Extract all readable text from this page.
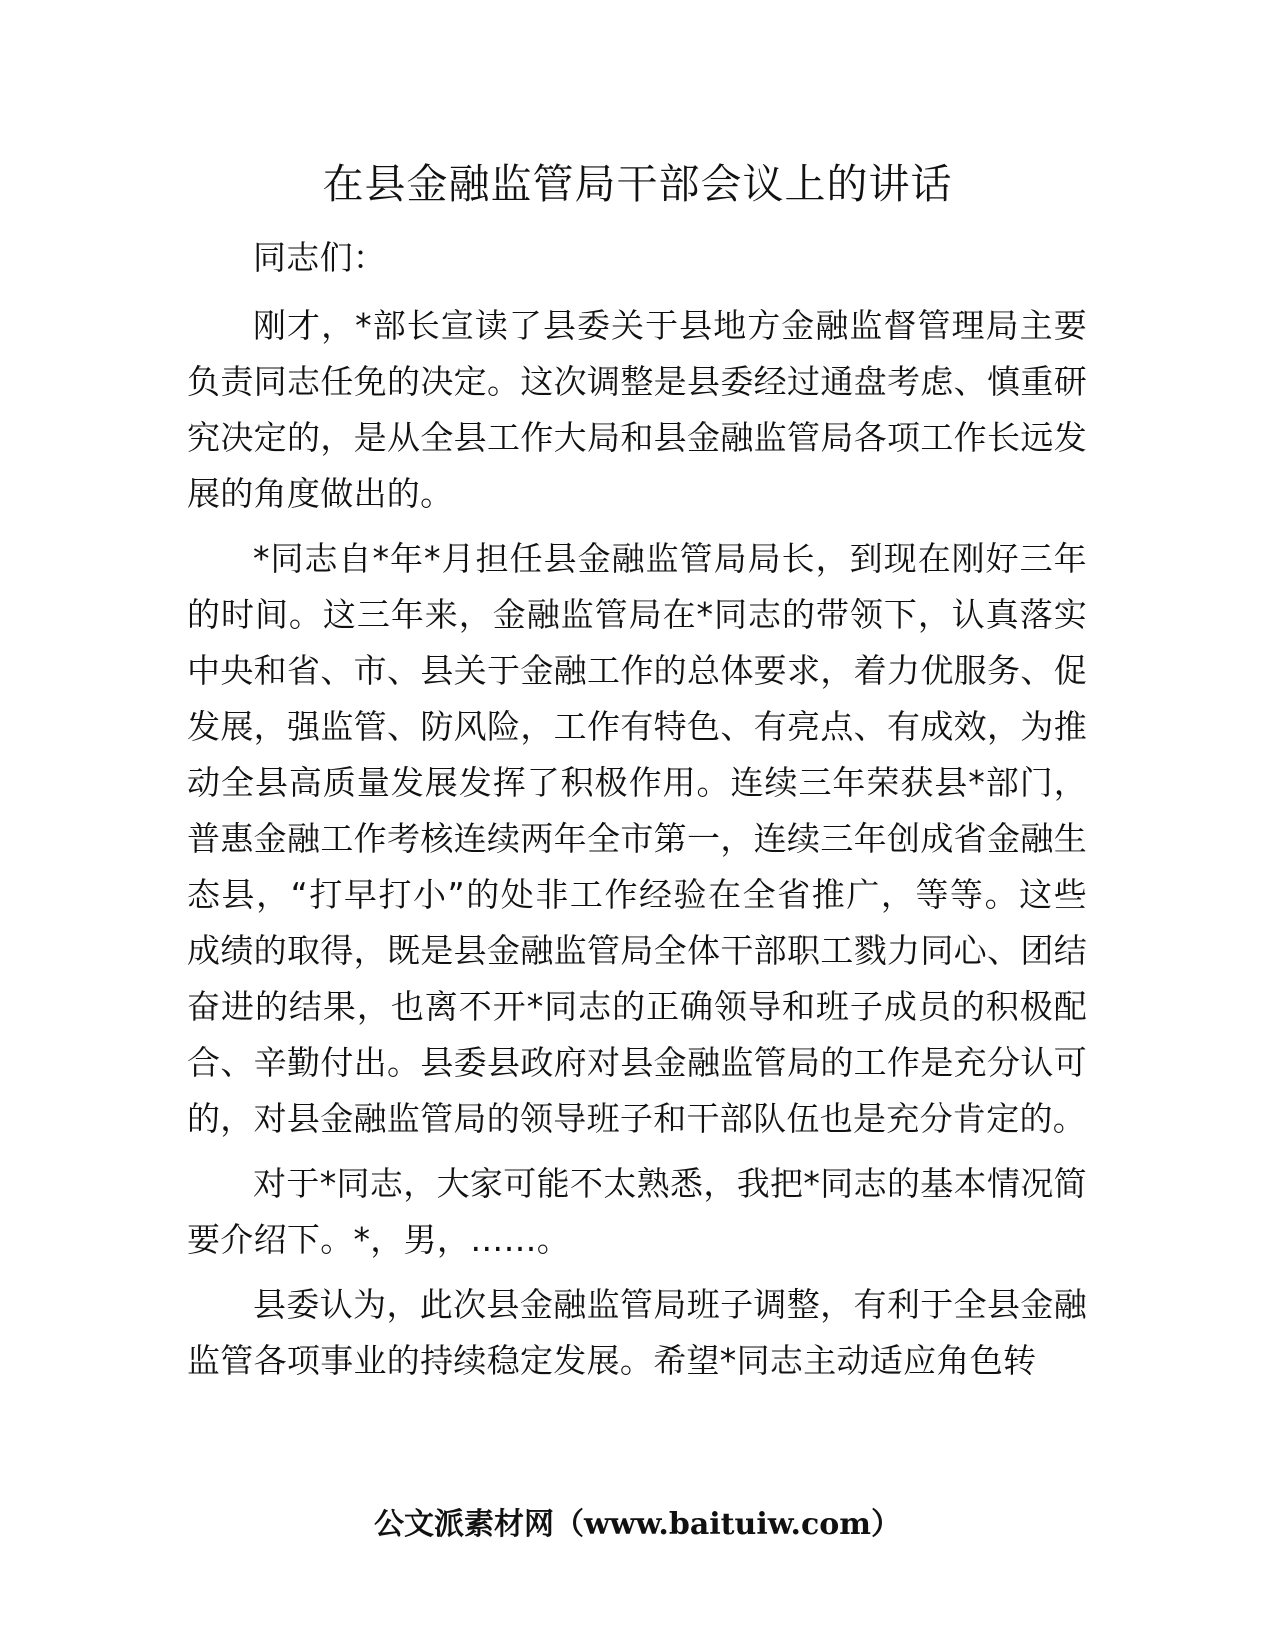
在县金融监管局干部会议上的讲话

同志们：

刚才，*部长宣读了县委关于县地方金融监督管理局主要负责同志任免的决定。这次调整是县委经过通盘考虑、慎重研究决定的，是从全县工作大局和县金融监管局各项工作长远发展的角度做出的。

*同志自*年*月担任县金融监管局局长，到现在刚好三年的时间。这三年来，金融监管局在*同志的带领下，认真落实中央和省、市、县关于金融工作的总体要求，着力优服务、促发展，强监管、防风险，工作有特色、有亮点、有成效，为推动全县高质量发展发挥了积极作用。连续三年荣获县*部门，普惠金融工作考核连续两年全市第一，连续三年创成省金融生态县，“打早打小”的处非工作经验在全省推广，等等。这些成绩的取得，既是县金融监管局全体干部职工戮力同心、团结奋进的结果，也离不开*同志的正确领导和班子成员的积极配合、辛勤付出。县委县政府对县金融监管局的工作是充分认可的，对县金融监管局的领导班子和干部队伍也是充分肯定的。

对于*同志，大家可能不太熟悉，我把*同志的基本情况简要介绍下。*，男，……。

县委认为，此次县金融监管局班子调整，有利于全县金融监管各项事业的持续稳定发展。希望*同志主动适应角色转

公文派素材网（www.baituiw.com）
